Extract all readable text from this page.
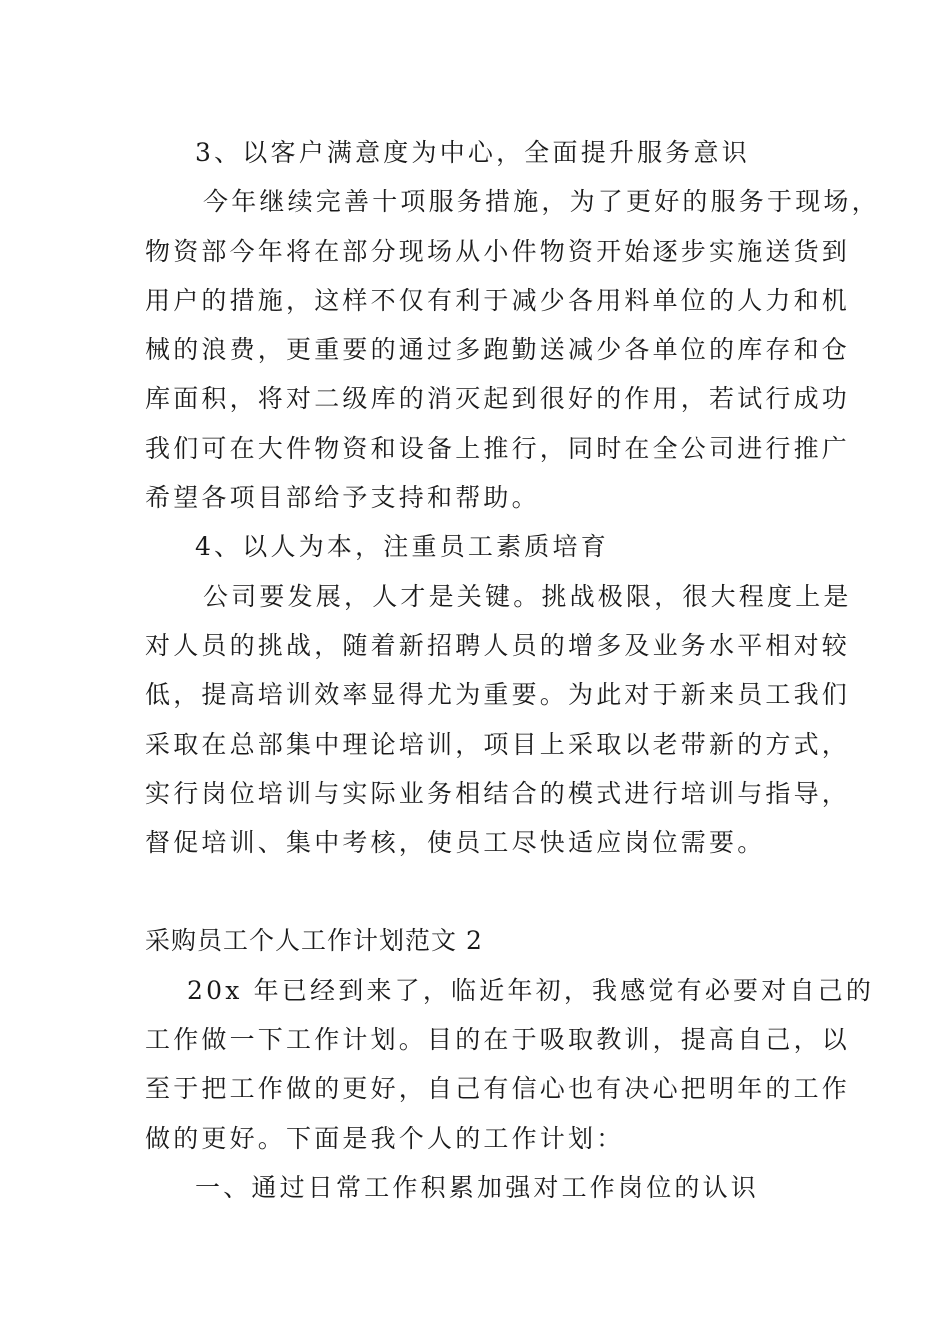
3、以客户满意度为中心，全面提升服务意识
今年继续完善十项服务措施，为了更好的服务于现场，
物资部今年将在部分现场从小件物资开始逐步实施送货到
用户的措施，这样不仅有利于减少各用料单位的人力和机
械的浪费，更重要的通过多跑勤送减少各单位的库存和仓
库面积，将对二级库的消灭起到很好的作用，若试行成功
我们可在大件物资和设备上推行，同时在全公司进行推广
希望各项目部给予支持和帮助。
4、以人为本，注重员工素质培育
公司要发展，人才是关键。挑战极限，很大程度上是
对人员的挑战，随着新招聘人员的增多及业务水平相对较
低，提高培训效率显得尤为重要。为此对于新来员工我们
采取在总部集中理论培训，项目上采取以老带新的方式，
实行岗位培训与实际业务相结合的模式进行培训与指导，
督促培训、集中考核，使员工尽快适应岗位需要。
采购员工个人工作计划范文 2
20x 年已经到来了，临近年初，我感觉有必要对自己的
工作做一下工作计划。目的在于吸取教训，提高自己，以
至于把工作做的更好，自己有信心也有决心把明年的工作
做的更好。下面是我个人的工作计划：
一、通过日常工作积累加强对工作岗位的认识
